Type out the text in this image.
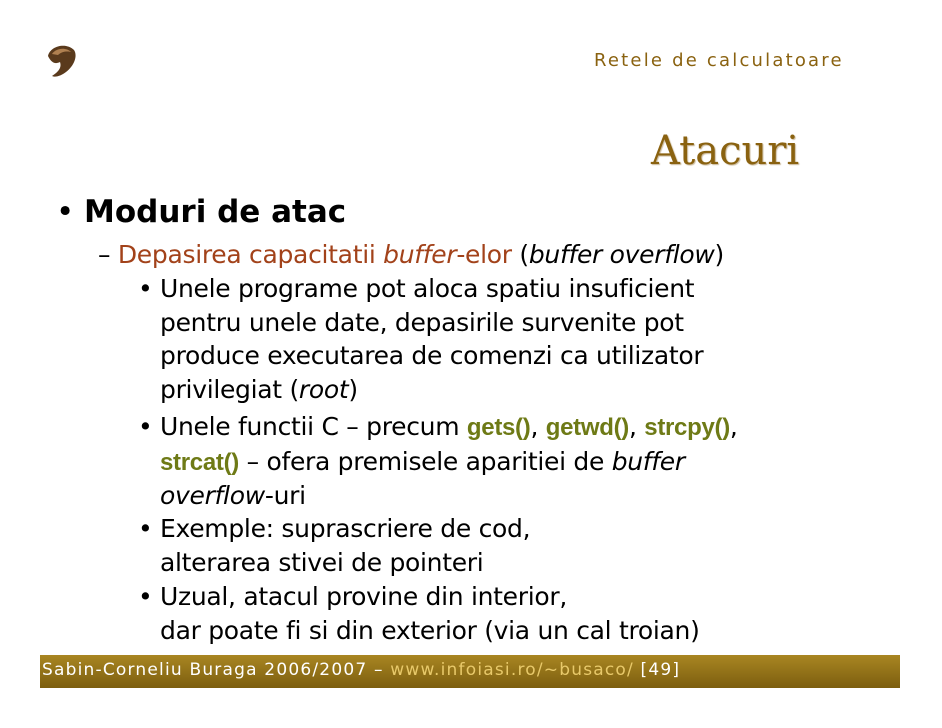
Retele de calculatoare
Atacuri
• Moduri de atac
– Depasirea capacitatii buffer-elor (buffer overflow)
• Unele programe pot aloca spatiu insuficient
pentru unele date, depasirile survenite pot
produce executarea de comenzi ca utilizator
privilegiat (root)
• Unele functii C – precum gets(), getwd(), strcpy(),
strcat() – ofera premisele aparitiei de buffer
overflow-uri
• Exemple: suprascriere de cod,
alterarea stivei de pointeri
• Uzual, atacul provine din interior,
dar poate fi si din exterior (via un cal troian)
Sabin-Corneliu Buraga 2006/2007 – www.infoiasi.ro/~busaco/ [49]
